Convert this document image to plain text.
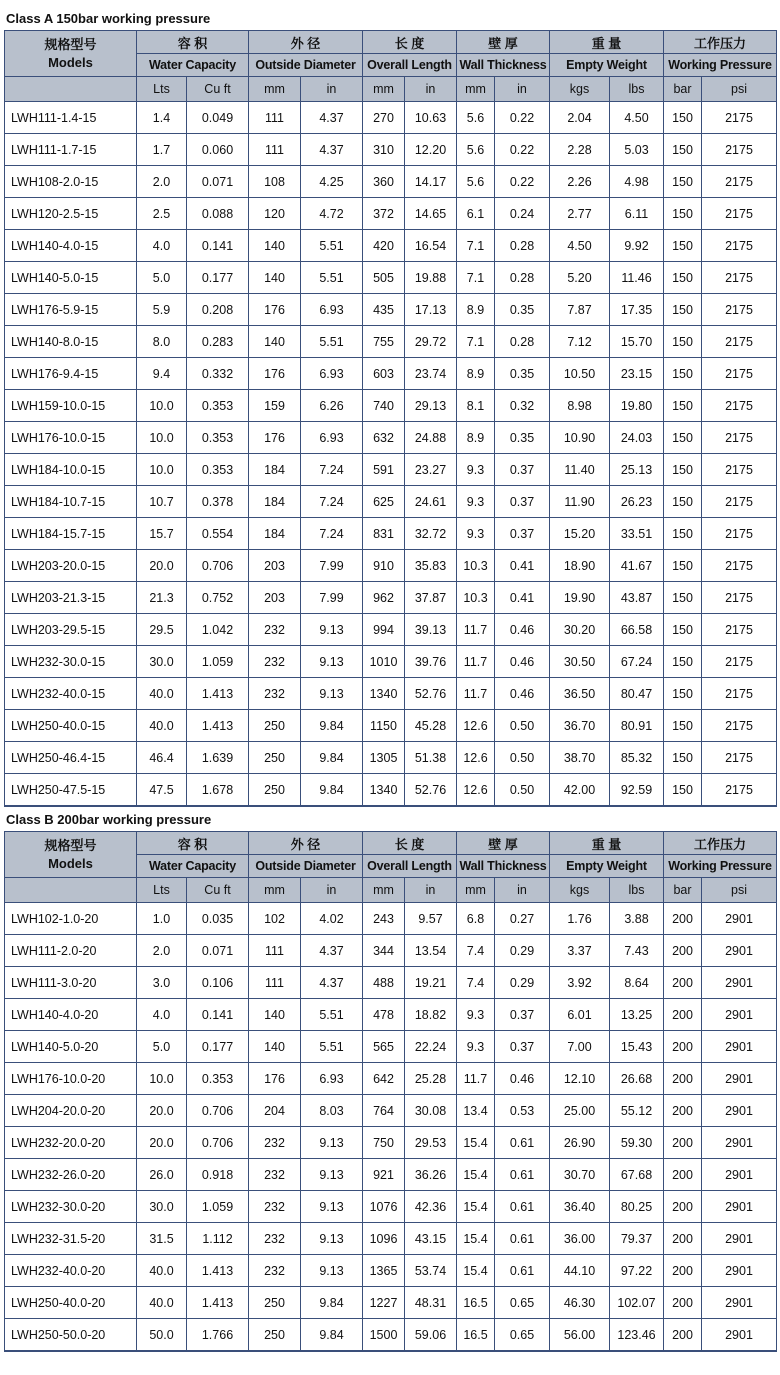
Class A 150bar working pressure
规格型号
Models	容 积		外 径		长 度		壁 厚		重 量		工作压力	
	Water Capacity		Outside Diameter		Overall Length		Wall Thickness		Empty Weight		Working Pressure	
	Lts	Cu ft	mm	in	mm	in	mm	in	kgs	lbs	bar	psi
LWH111-1.4-15	1.4	0.049	111	4.37	270	10.63	5.6	0.22	2.04	4.50	150	2175
LWH111-1.7-15	1.7	0.060	111	4.37	310	12.20	5.6	0.22	2.28	5.03	150	2175
LWH108-2.0-15	2.0	0.071	108	4.25	360	14.17	5.6	0.22	2.26	4.98	150	2175
LWH120-2.5-15	2.5	0.088	120	4.72	372	14.65	6.1	0.24	2.77	6.11	150	2175
LWH140-4.0-15	4.0	0.141	140	5.51	420	16.54	7.1	0.28	4.50	9.92	150	2175
LWH140-5.0-15	5.0	0.177	140	5.51	505	19.88	7.1	0.28	5.20	11.46	150	2175
LWH176-5.9-15	5.9	0.208	176	6.93	435	17.13	8.9	0.35	7.87	17.35	150	2175
LWH140-8.0-15	8.0	0.283	140	5.51	755	29.72	7.1	0.28	7.12	15.70	150	2175
LWH176-9.4-15	9.4	0.332	176	6.93	603	23.74	8.9	0.35	10.50	23.15	150	2175
LWH159-10.0-15	10.0	0.353	159	6.26	740	29.13	8.1	0.32	8.98	19.80	150	2175
LWH176-10.0-15	10.0	0.353	176	6.93	632	24.88	8.9	0.35	10.90	24.03	150	2175
LWH184-10.0-15	10.0	0.353	184	7.24	591	23.27	9.3	0.37	11.40	25.13	150	2175
LWH184-10.7-15	10.7	0.378	184	7.24	625	24.61	9.3	0.37	11.90	26.23	150	2175
LWH184-15.7-15	15.7	0.554	184	7.24	831	32.72	9.3	0.37	15.20	33.51	150	2175
LWH203-20.0-15	20.0	0.706	203	7.99	910	35.83	10.3	0.41	18.90	41.67	150	2175
LWH203-21.3-15	21.3	0.752	203	7.99	962	37.87	10.3	0.41	19.90	43.87	150	2175
LWH203-29.5-15	29.5	1.042	232	9.13	994	39.13	11.7	0.46	30.20	66.58	150	2175
LWH232-30.0-15	30.0	1.059	232	9.13	1010	39.76	11.7	0.46	30.50	67.24	150	2175
LWH232-40.0-15	40.0	1.413	232	9.13	1340	52.76	11.7	0.46	36.50	80.47	150	2175
LWH250-40.0-15	40.0	1.413	250	9.84	1150	45.28	12.6	0.50	36.70	80.91	150	2175
LWH250-46.4-15	46.4	1.639	250	9.84	1305	51.38	12.6	0.50	38.70	85.32	150	2175
LWH250-47.5-15	47.5	1.678	250	9.84	1340	52.76	12.6	0.50	42.00	92.59	150	2175
Class B 200bar working pressure
规格型号
Models	容 积		外 径		长 度		壁 厚		重 量		工作压力	
	Water Capacity		Outside Diameter		Overall Length		Wall Thickness		Empty Weight		Working Pressure	
	Lts	Cu ft	mm	in	mm	in	mm	in	kgs	lbs	bar	psi
LWH102-1.0-20	1.0	0.035	102	4.02	243	9.57	6.8	0.27	1.76	3.88	200	2901
LWH111-2.0-20	2.0	0.071	111	4.37	344	13.54	7.4	0.29	3.37	7.43	200	2901
LWH111-3.0-20	3.0	0.106	111	4.37	488	19.21	7.4	0.29	3.92	8.64	200	2901
LWH140-4.0-20	4.0	0.141	140	5.51	478	18.82	9.3	0.37	6.01	13.25	200	2901
LWH140-5.0-20	5.0	0.177	140	5.51	565	22.24	9.3	0.37	7.00	15.43	200	2901
LWH176-10.0-20	10.0	0.353	176	6.93	642	25.28	11.7	0.46	12.10	26.68	200	2901
LWH204-20.0-20	20.0	0.706	204	8.03	764	30.08	13.4	0.53	25.00	55.12	200	2901
LWH232-20.0-20	20.0	0.706	232	9.13	750	29.53	15.4	0.61	26.90	59.30	200	2901
LWH232-26.0-20	26.0	0.918	232	9.13	921	36.26	15.4	0.61	30.70	67.68	200	2901
LWH232-30.0-20	30.0	1.059	232	9.13	1076	42.36	15.4	0.61	36.40	80.25	200	2901
LWH232-31.5-20	31.5	1.112	232	9.13	1096	43.15	15.4	0.61	36.00	79.37	200	2901
LWH232-40.0-20	40.0	1.413	232	9.13	1365	53.74	15.4	0.61	44.10	97.22	200	2901
LWH250-40.0-20	40.0	1.413	250	9.84	1227	48.31	16.5	0.65	46.30	102.07	200	2901
LWH250-50.0-20	50.0	1.766	250	9.84	1500	59.06	16.5	0.65	56.00	123.46	200	2901
